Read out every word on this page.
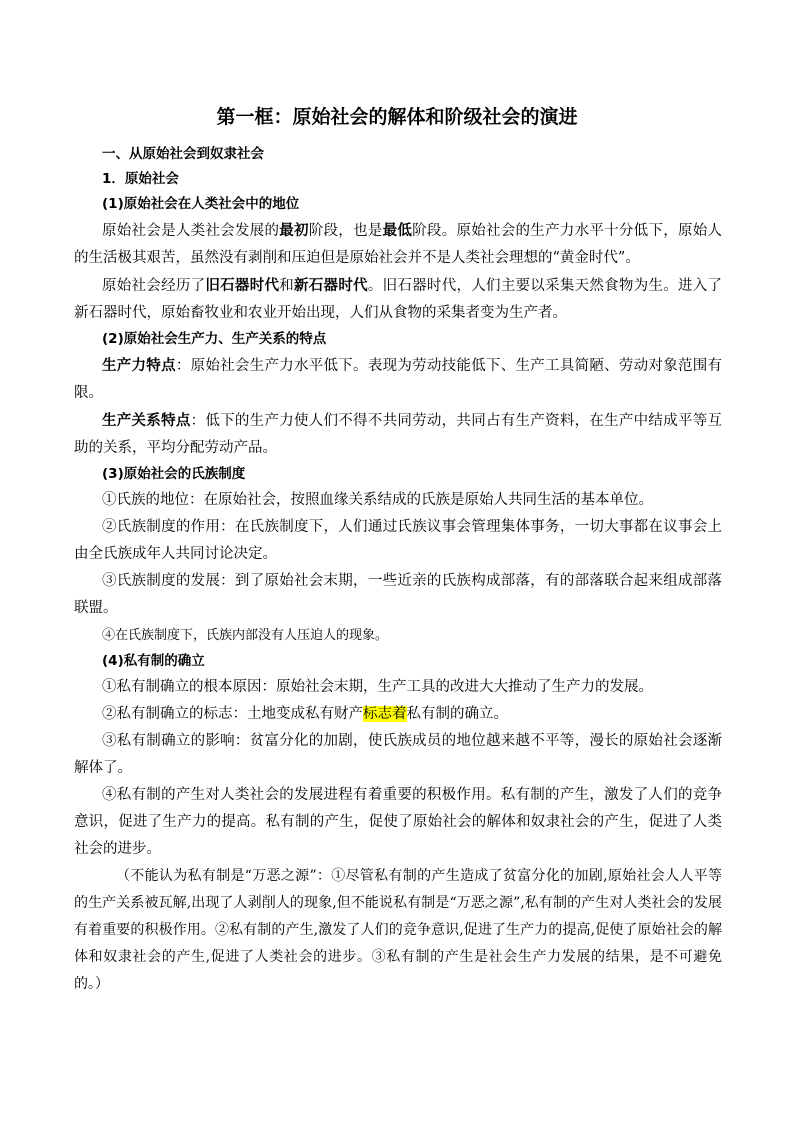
第一框：原始社会的解体和阶级社会的演进
一、从原始社会到奴隶社会
1．原始社会
(1)原始社会在人类社会中的地位

原始社会是人类社会发展的最初阶段，也是最低阶段。原始社会的生产力水平十分低下，原始人的生活极其艰苦，虽然没有剥削和压迫但是原始社会并不是人类社会理想的“黄金时代”。

原始社会经历了旧石器时代和新石器时代。旧石器时代，人们主要以采集天然食物为生。进入了新石器时代，原始畜牧业和农业开始出现，人们从食物的采集者变为生产者。

(2)原始社会生产力、生产关系的特点

生产力特点：原始社会生产力水平低下。表现为劳动技能低下、生产工具简陋、劳动对象范围有限。

生产关系特点：低下的生产力使人们不得不共同劳动，共同占有生产资料，在生产中结成平等互助的关系，平均分配劳动产品。

(3)原始社会的氏族制度

①氏族的地位：在原始社会，按照血缘关系结成的氏族是原始人共同生活的基本单位。

②氏族制度的作用：在氏族制度下，人们通过氏族议事会管理集体事务，一切大事都在议事会上由全氏族成年人共同讨论决定。

③氏族制度的发展：到了原始社会末期，一些近亲的氏族构成部落，有的部落联合起来组成部落联盟。

④在氏族制度下，氏族内部没有人压迫人的现象。

(4)私有制的确立

①私有制确立的根本原因：原始社会末期，生产工具的改进大大推动了生产力的发展。

②私有制确立的标志：土地变成私有财产标志着私有制的确立。

③私有制确立的影响：贫富分化的加剧，使氏族成员的地位越来越不平等，漫长的原始社会逐渐解体了。

④私有制的产生对人类社会的发展进程有着重要的积极作用。私有制的产生，激发了人们的竞争意识，促进了生产力的提高。私有制的产生，促使了原始社会的解体和奴隶社会的产生，促进了人类社会的进步。

（不能认为私有制是“万恶之源”：①尽管私有制的产生造成了贫富分化的加剧,原始社会人人平等的生产关系被瓦解,出现了人剥削人的现象,但不能说私有制是“万恶之源”,私有制的产生对人类社会的发展有着重要的积极作用。②私有制的产生,激发了人们的竞争意识,促进了生产力的提高,促使了原始社会的解体和奴隶社会的产生,促进了人类社会的进步。③私有制的产生是社会生产力发展的结果，是不可避免的。）
